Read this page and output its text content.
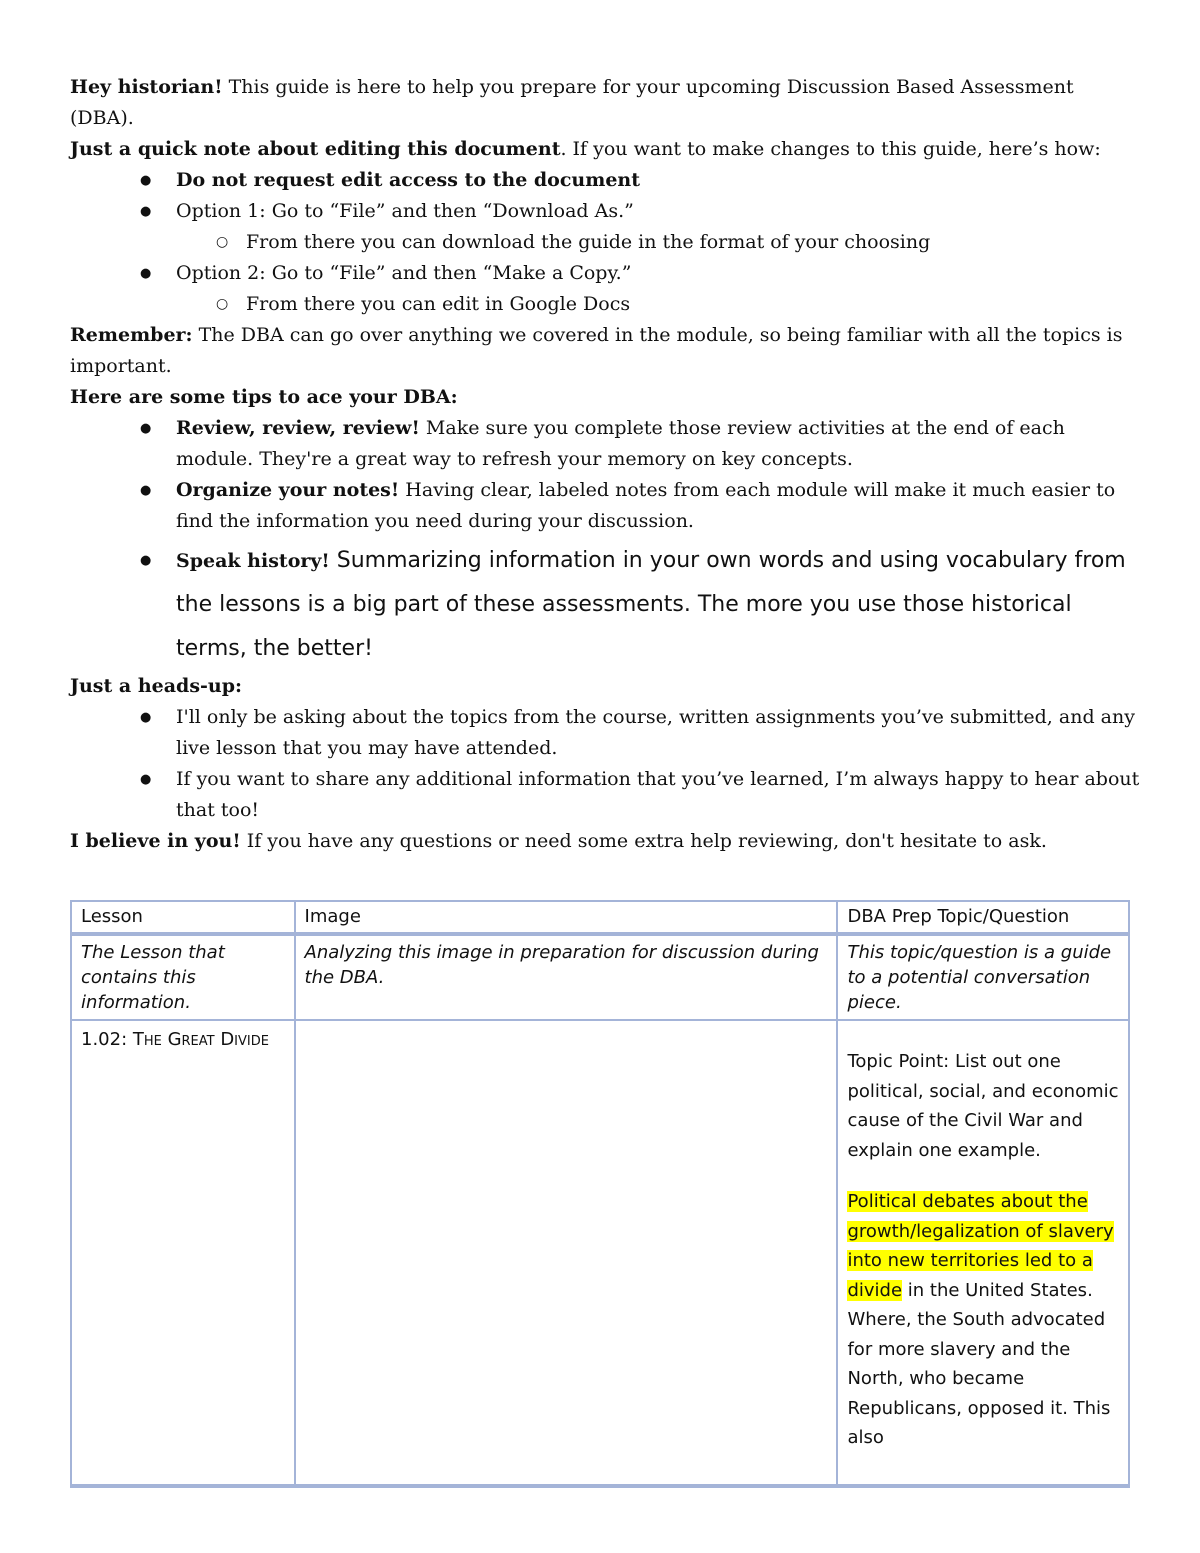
Hey historian! This guide is here to help you prepare for your upcoming Discussion Based Assessment (DBA).

Just a quick note about editing this document. If you want to make changes to this guide, here’s how:

● Do not request edit access to the document
● Option 1: Go to “File” and then “Download As.”
○ From there you can download the guide in the format of your choosing
● Option 2: Go to “File” and then “Make a Copy.”
○ From there you can edit in Google Docs

Remember: The DBA can go over anything we covered in the module, so being familiar with all the topics is important.

Here are some tips to ace your DBA:

● Review, review, review! Make sure you complete those review activities at the end of each module. They're a great way to refresh your memory on key concepts.
● Organize your notes! Having clear, labeled notes from each module will make it much easier to find the information you need during your discussion.
● Speak history! Summarizing information in your own words and using vocabulary from the lessons is a big part of these assessments. The more you use those historical terms, the better!

Just a heads-up:

● I'll only be asking about the topics from the course, written assignments you’ve submitted, and any live lesson that you may have attended.
● If you want to share any additional information that you’ve learned, I’m always happy to hear about that too!

I believe in you! If you have any questions or need some extra help reviewing, don't hesitate to ask.

Lesson	Image	DBA Prep Topic/Question
The Lesson that contains this information.	Analyzing this image in preparation for discussion during the DBA.	This topic/question is a guide to a potential conversation piece.
1.02: The Great Divide		Topic Point: List out one political, social, and economic cause of the Civil War and explain one example.
Political debates about the growth/legalization of slavery into new territories led to a divide in the United States. Where, the South advocated for more slavery and the North, who became Republicans, opposed it. This also
